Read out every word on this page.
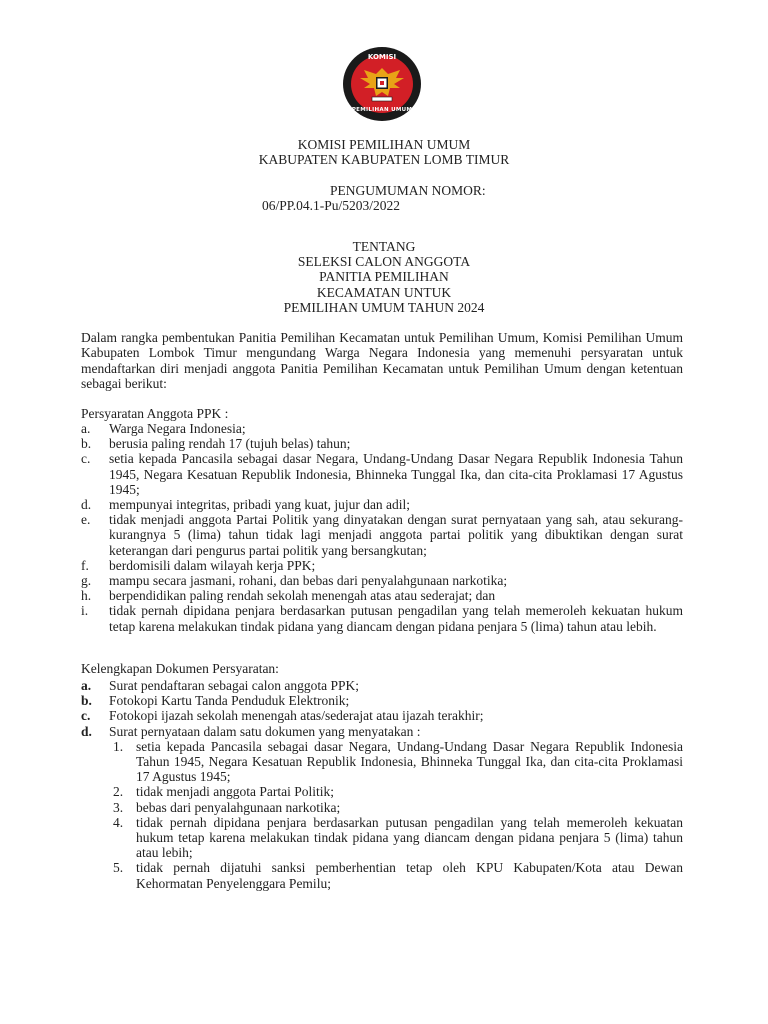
KOMISI
PEMILIHAN UMUM
KOMISI PEMILIHAN UMUM
KABUPATEN KABUPATEN LOMB TIMUR
PENGUMUMAN NOMOR:
06/PP.04.1-Pu/5203/2022
TENTANG
SELEKSI CALON ANGGOTA
PANITIA PEMILIHAN
KECAMATAN UNTUK
PEMILIHAN UMUM TAHUN 2024
Dalam rangka pembentukan Panitia Pemilihan Kecamatan untuk Pemilihan Umum, Komisi Pemilihan Umum Kabupaten Lombok Timur mengundang Warga Negara Indonesia yang memenuhi persyaratan untuk mendaftarkan diri menjadi anggota Panitia Pemilihan Kecamatan untuk Pemilihan Umum dengan ketentuan sebagai berikut:
Persyaratan Anggota PPK :
a.	Warga Negara Indonesia;
b.	berusia paling rendah 17 (tujuh belas) tahun;
c.	setia kepada Pancasila sebagai dasar Negara, Undang-Undang Dasar Negara Republik Indonesia Tahun 1945, Negara Kesatuan Republik Indonesia, Bhinneka Tunggal Ika, dan cita-cita Proklamasi 17 Agustus 1945;
d.	mempunyai integritas, pribadi yang kuat, jujur dan adil;
e.	tidak menjadi anggota Partai Politik yang dinyatakan dengan surat pernyataan yang sah, atau sekurang-kurangnya 5 (lima) tahun tidak lagi menjadi anggota partai politik yang dibuktikan dengan surat keterangan dari pengurus partai politik yang bersangkutan;
f.	berdomisili dalam wilayah kerja PPK;
g.	mampu secara jasmani, rohani, dan bebas dari penyalahgunaan narkotika;
h.	berpendidikan paling rendah sekolah menengah atas atau sederajat; dan
i.	tidak pernah dipidana penjara berdasarkan putusan pengadilan yang telah memeroleh kekuatan hukum tetap karena melakukan tindak pidana yang diancam dengan pidana penjara 5 (lima) tahun atau lebih.
Kelengkapan Dokumen Persyaratan:
a.	Surat pendaftaran sebagai calon anggota PPK;
b.	Fotokopi Kartu Tanda Penduduk Elektronik;
c.	Fotokopi ijazah sekolah menengah atas/sederajat atau ijazah terakhir;
d.	Surat pernyataan dalam satu dokumen yang menyatakan :
1. setia kepada Pancasila sebagai dasar Negara, Undang-Undang Dasar Negara Republik Indonesia Tahun 1945, Negara Kesatuan Republik Indonesia, Bhinneka Tunggal Ika, dan cita-cita Proklamasi 17 Agustus 1945;
2. tidak menjadi anggota Partai Politik;
3. bebas dari penyalahgunaan narkotika;
4. tidak pernah dipidana penjara berdasarkan putusan pengadilan yang telah memeroleh kekuatan hukum tetap karena melakukan tindak pidana yang diancam dengan pidana penjara 5 (lima) tahun atau lebih;
5. tidak pernah dijatuhi sanksi pemberhentian tetap oleh KPU Kabupaten/Kota atau Dewan Kehormatan Penyelenggara Pemilu;
